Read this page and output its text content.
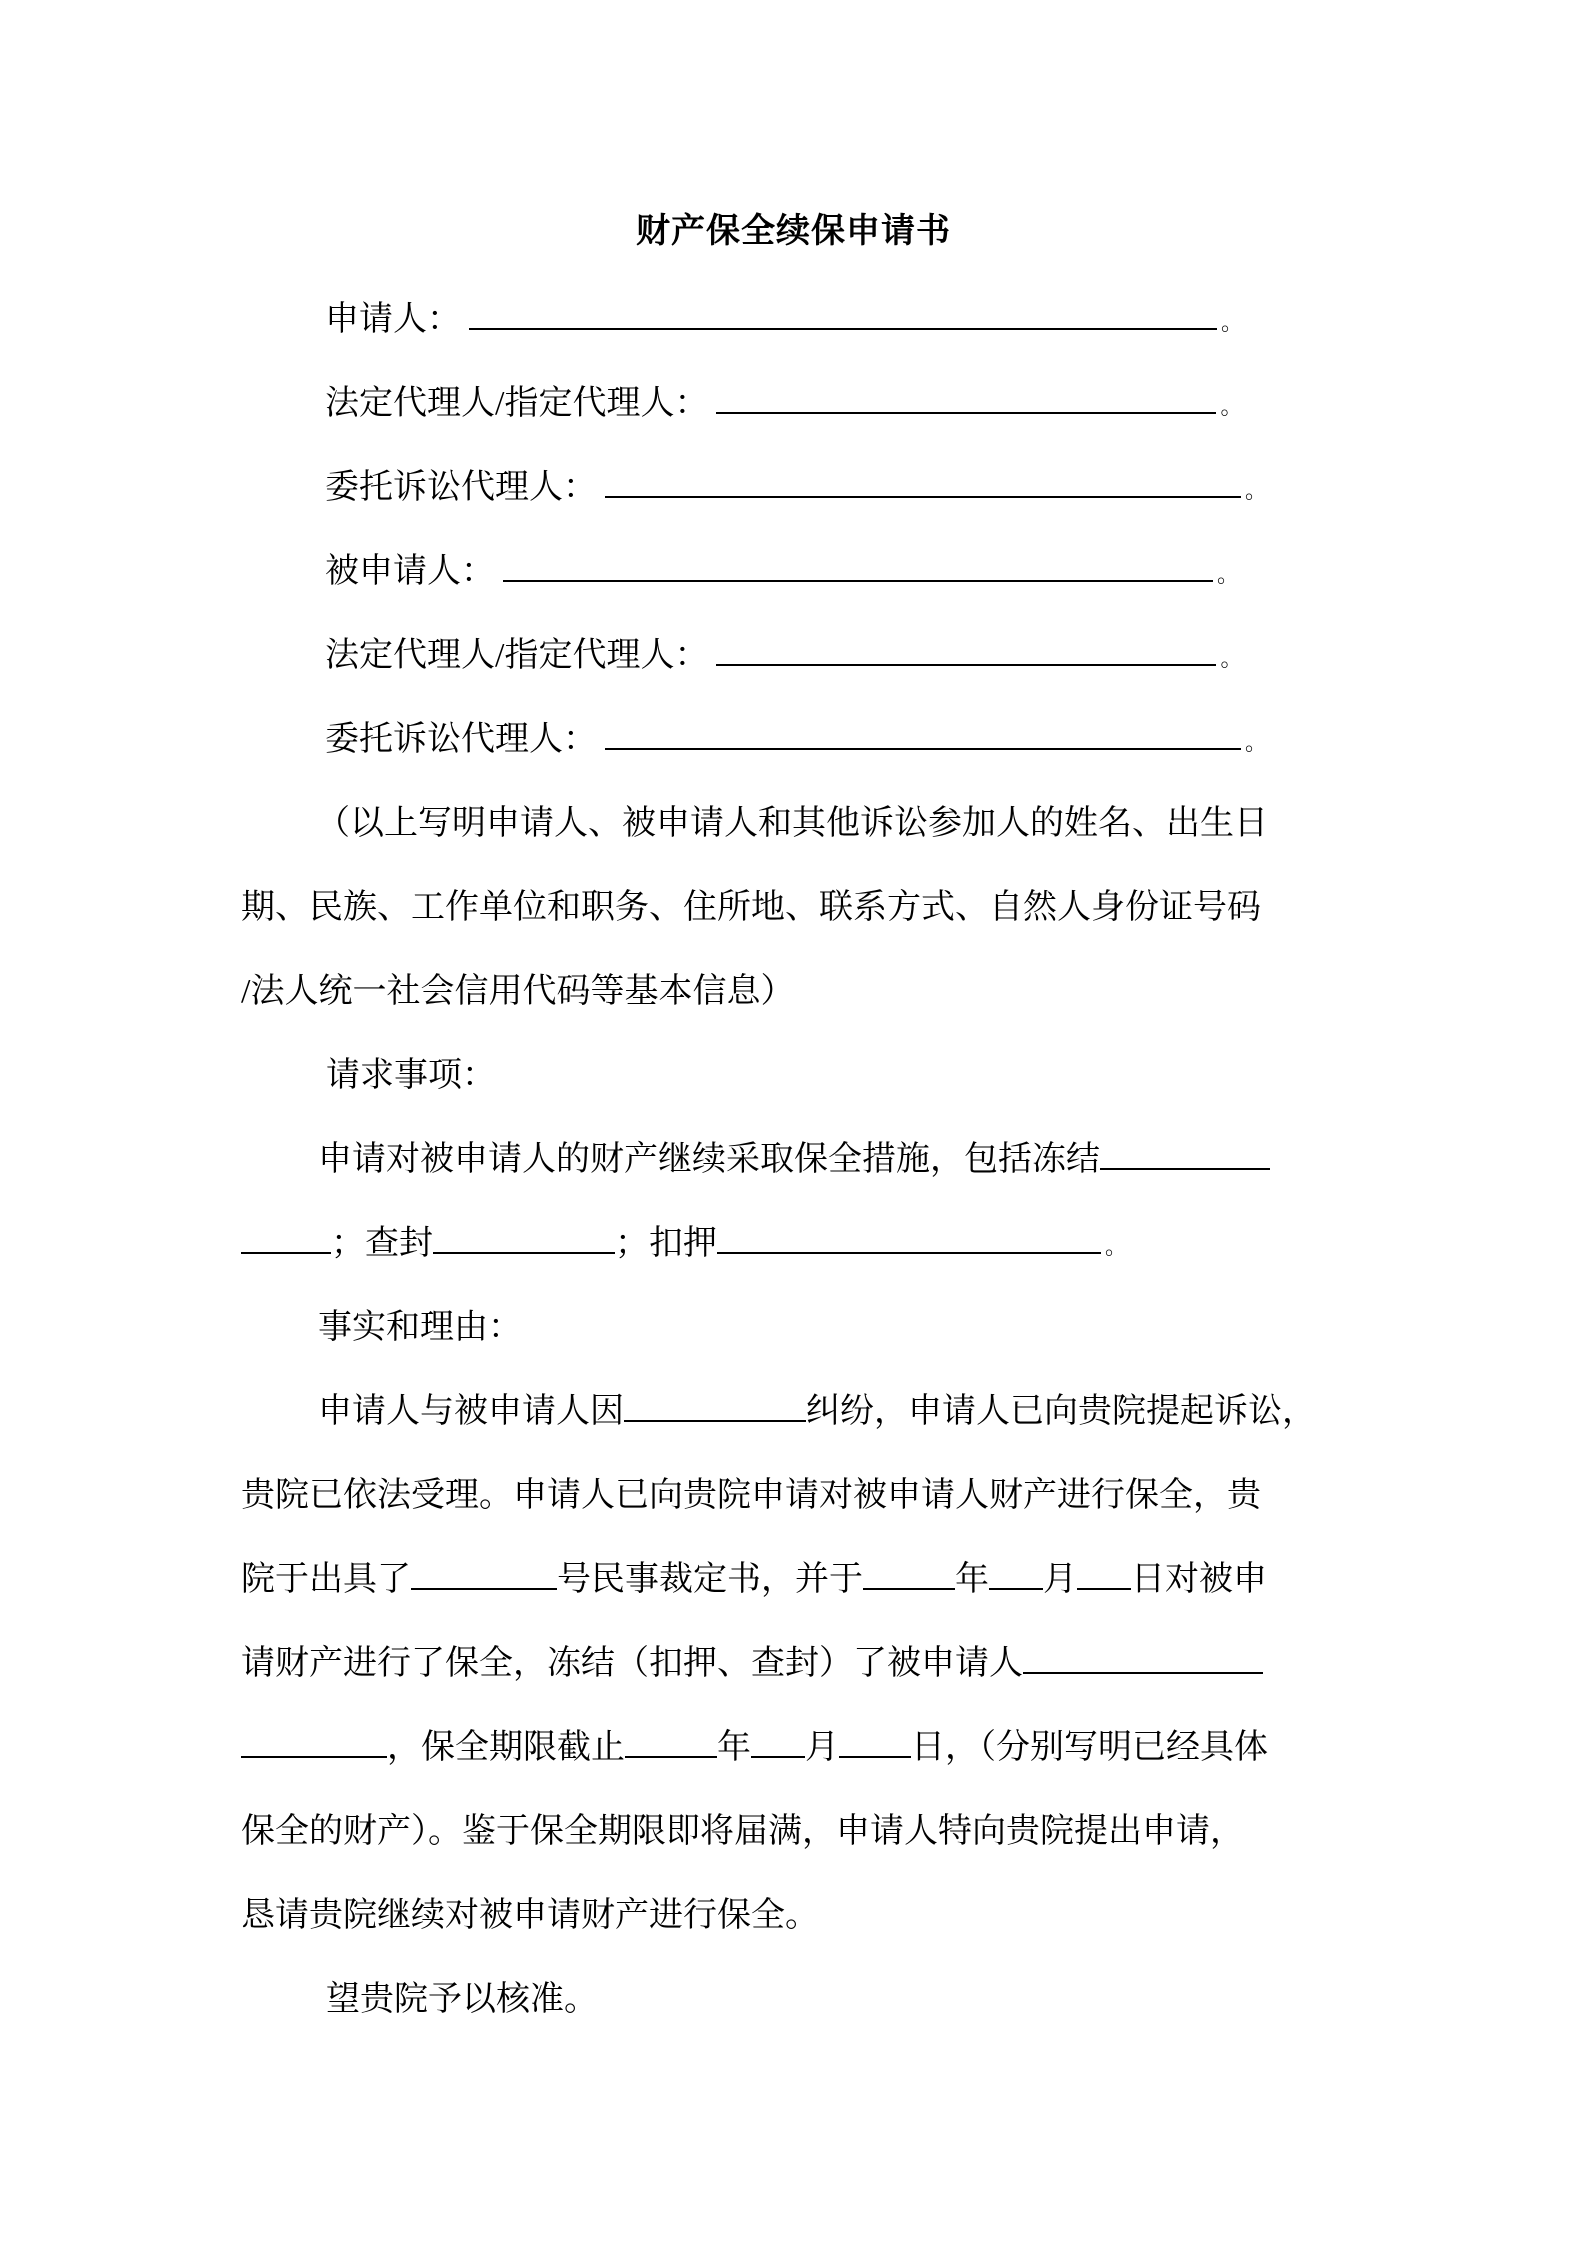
财产保全续保申请书
申请人：	。
法定代理人/指定代理人：	。
委托诉讼代理人：	。
被申请人：	。
法定代理人/指定代理人：	。
委托诉讼代理人：	。
（以上写明申请人、被申请人和其他诉讼参加人的姓名、出生日
期、民族、工作单位和职务、住所地、联系方式、自然人身份证号码
/法人统一社会信用代码等基本信息）
请求事项：
申请对被申请人的财产继续采取保全措施，包括冻结
；查封	；扣押	。
事实和理由：
申请人与被申请人因	纠纷，申请人已向贵院提起诉讼，
贵院已依法受理。申请人已向贵院申请对被申请人财产进行保全，贵
院于出具了	号民事裁定书，并于	年 月 日对被申
请财产进行了保全，冻结（扣押、查封）了被申请人
，保全期限截止	年 月 日，（分别写明已经具体
保全的财产）。鉴于保全期限即将届满，申请人特向贵院提出申请，
恳请贵院继续对被申请财产进行保全。
望贵院予以核准。
